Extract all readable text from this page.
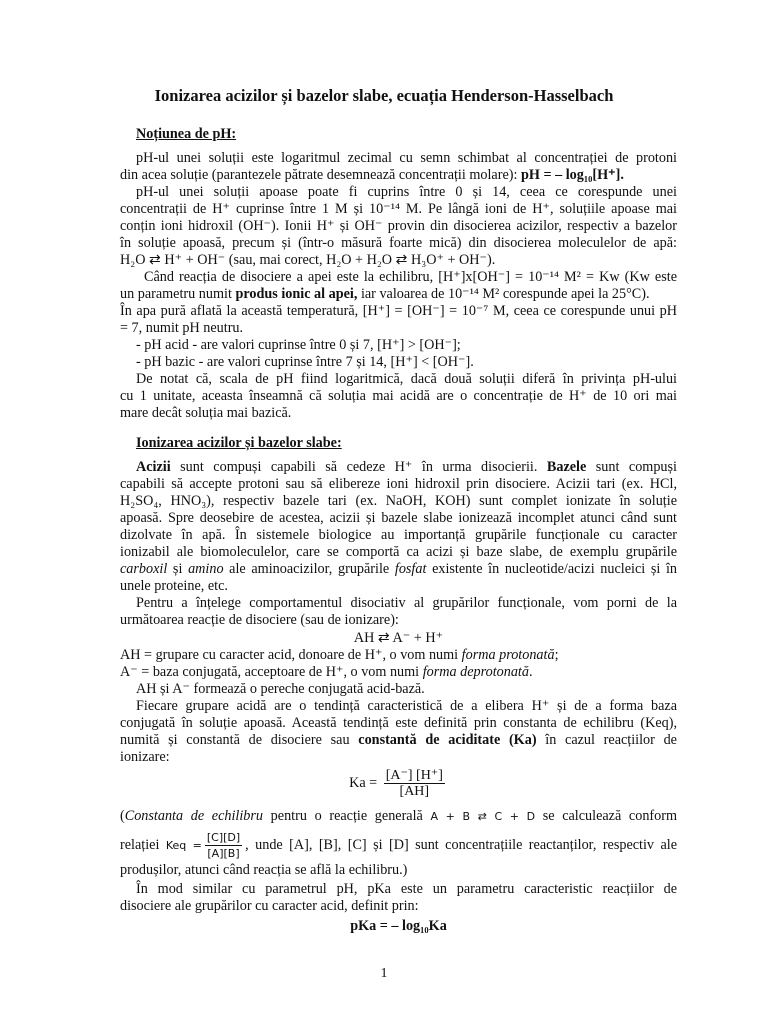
Ionizarea acizilor și bazelor slabe, ecuația Henderson-Hasselbach
Noțiunea de pH:
pH-ul unei soluții este logaritmul zecimal cu semn schimbat al concentrației de protoni
din acea soluție (parantezele pătrate desemnează concentrații molare): pH = – log₁₀[H⁺].
pH-ul unei soluții apoase poate fi cuprins între 0 și 14, ceea ce corespunde unei
concentrații de H⁺ cuprinse între 1 M și 10⁻¹⁴ M. Pe lângă ioni de H⁺, soluțiile apoase mai
conțin ioni hidroxil (OH⁻). Ionii H⁺ și OH⁻ provin din disocierea acizilor, respectiv a bazelor
în soluție apoasă, precum și (într-o măsură foarte mică) din disocierea moleculelor de apă:
H₂O ⇄ H⁺ + OH⁻ (sau, mai corect, H₂O + H₂O ⇄ H₃O⁺ + OH⁻).
Când reacția de disociere a apei este la echilibru, [H⁺]x[OH⁻] = 10⁻¹⁴ M² = Kw (Kw este
un parametru numit produs ionic al apei, iar valoarea de 10⁻¹⁴ M² corespunde apei la 25°C).
În apa pură aflată la această temperatură, [H⁺] = [OH⁻] = 10⁻⁷ M, ceea ce corespunde unui pH
= 7, numit pH neutru.
- pH acid - are valori cuprinse între 0 și 7, [H⁺] > [OH⁻];
- pH bazic - are valori cuprinse între 7 și 14, [H⁺] < [OH⁻].
De notat că, scala de pH fiind logaritmică, dacă două soluții diferă în privința pH-ului
cu 1 unitate, aceasta înseamnă că soluția mai acidă are o concentrație de H⁺ de 10 ori mai
mare decât soluția mai bazică.
Ionizarea acizilor și bazelor slabe:
Acizii sunt compuși capabili să cedeze H⁺ în urma disocierii. Bazele sunt compuși
capabili să accepte protoni sau să elibereze ioni hidroxil prin disociere. Acizii tari (ex. HCl,
H₂SO₄, HNO₃), respectiv bazele tari (ex. NaOH, KOH) sunt complet ionizate în soluție
apoasă. Spre deosebire de acestea, acizii și bazele slabe ionizează incomplet atunci când sunt
dizolvate în apă. În sistemele biologice au importanță grupările funcționale cu caracter
ionizabil ale biomoleculelor, care se comportă ca acizi și baze slabe, de exemplu grupările
carboxil și amino ale aminoacizilor, grupările fosfat existente în nucleotide/acizi nucleici și în
unele proteine, etc.
Pentru a înțelege comportamentul disociativ al grupărilor funcționale, vom porni de la
următoarea reacție de disociere (sau de ionizare):
AH ⇄ A⁻ + H⁺
AH = grupare cu caracter acid, donoare de H⁺, o vom numi forma protonată;
A⁻ = baza conjugată, acceptoare de H⁺, o vom numi forma deprotonată.
AH și A⁻ formează o pereche conjugată acid-bază.
Fiecare grupare acidă are o tendință caracteristică de a elibera H⁺ și de a forma baza
conjugată în soluție apoasă. Această tendință este definită prin constanta de echilibru (Keq),
numită și constantă de disociere sau constantă de aciditate (Ka) în cazul reacțiilor de
ionizare:
$Ka = \frac{[A^-] [H^+]}{[AH]}$
(Constanta de echilibru pentru o reacție generală A + B ⇄ C + D se calculează conform
relației Keq = $\frac{[C][D]}{[A][B]}$ , unde [A], [B], [C] și [D] sunt concentrațiile reactanților, respectiv ale
produșilor, atunci când reacția se află la echilibru.)
În mod similar cu parametrul pH, pKa este un parametru caracteristic reacțiilor de
disociere ale grupărilor cu caracter acid, definit prin:
pKa = – log₁₀Ka
1
